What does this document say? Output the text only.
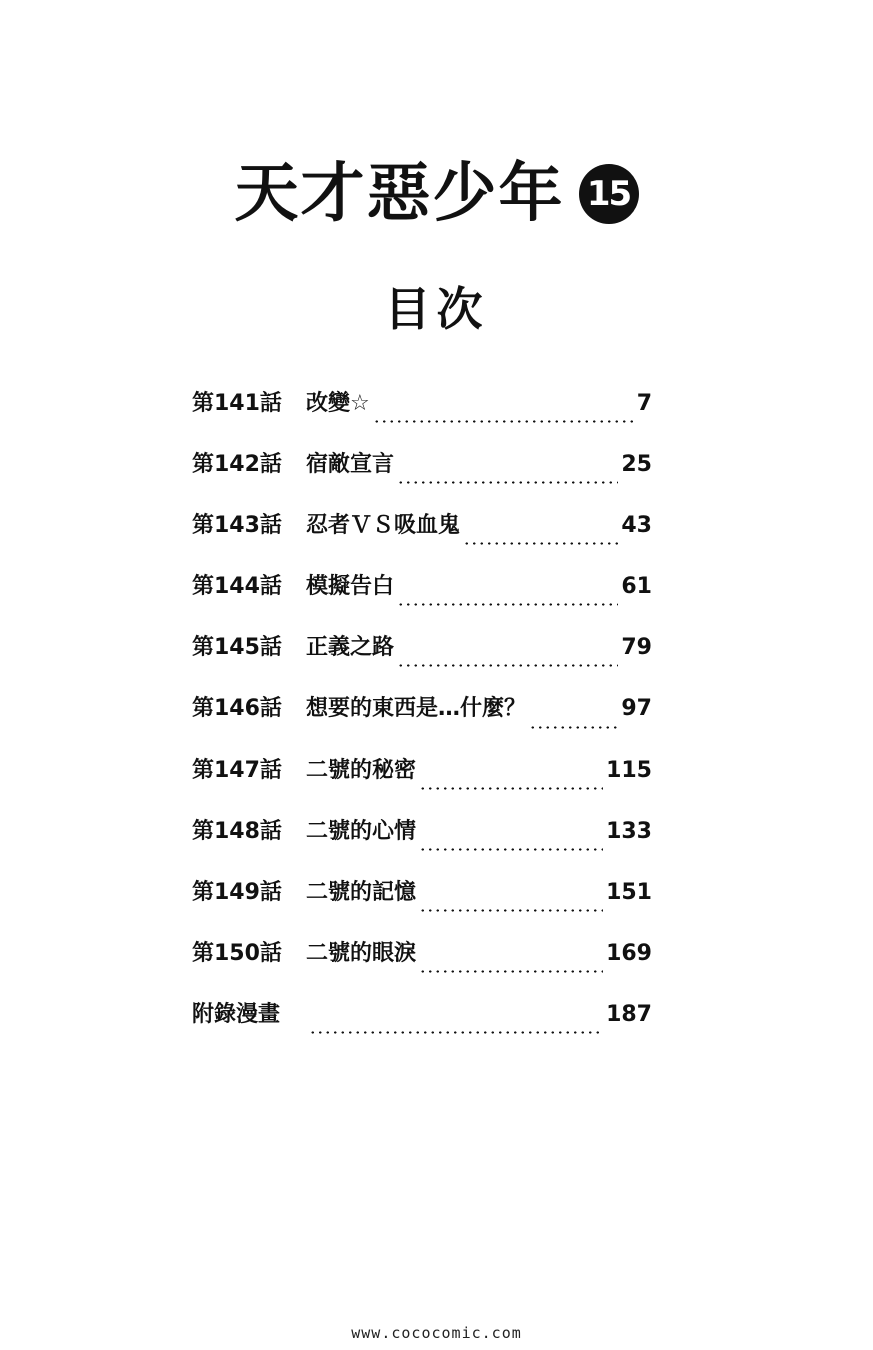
天才惡少年 15
目次
第141話	改變☆	7
第142話	宿敵宣言	25
第143話	忍者ＶＳ吸血鬼	43
第144話	模擬告白	61
第145話	正義之路	79
第146話	想要的東西是…什麼？	97
第147話	二號的秘密	115
第148話	二號的心情	133
第149話	二號的記憶	151
第150話	二號的眼淚	169
附錄漫畫	187
www.cococomic.com
